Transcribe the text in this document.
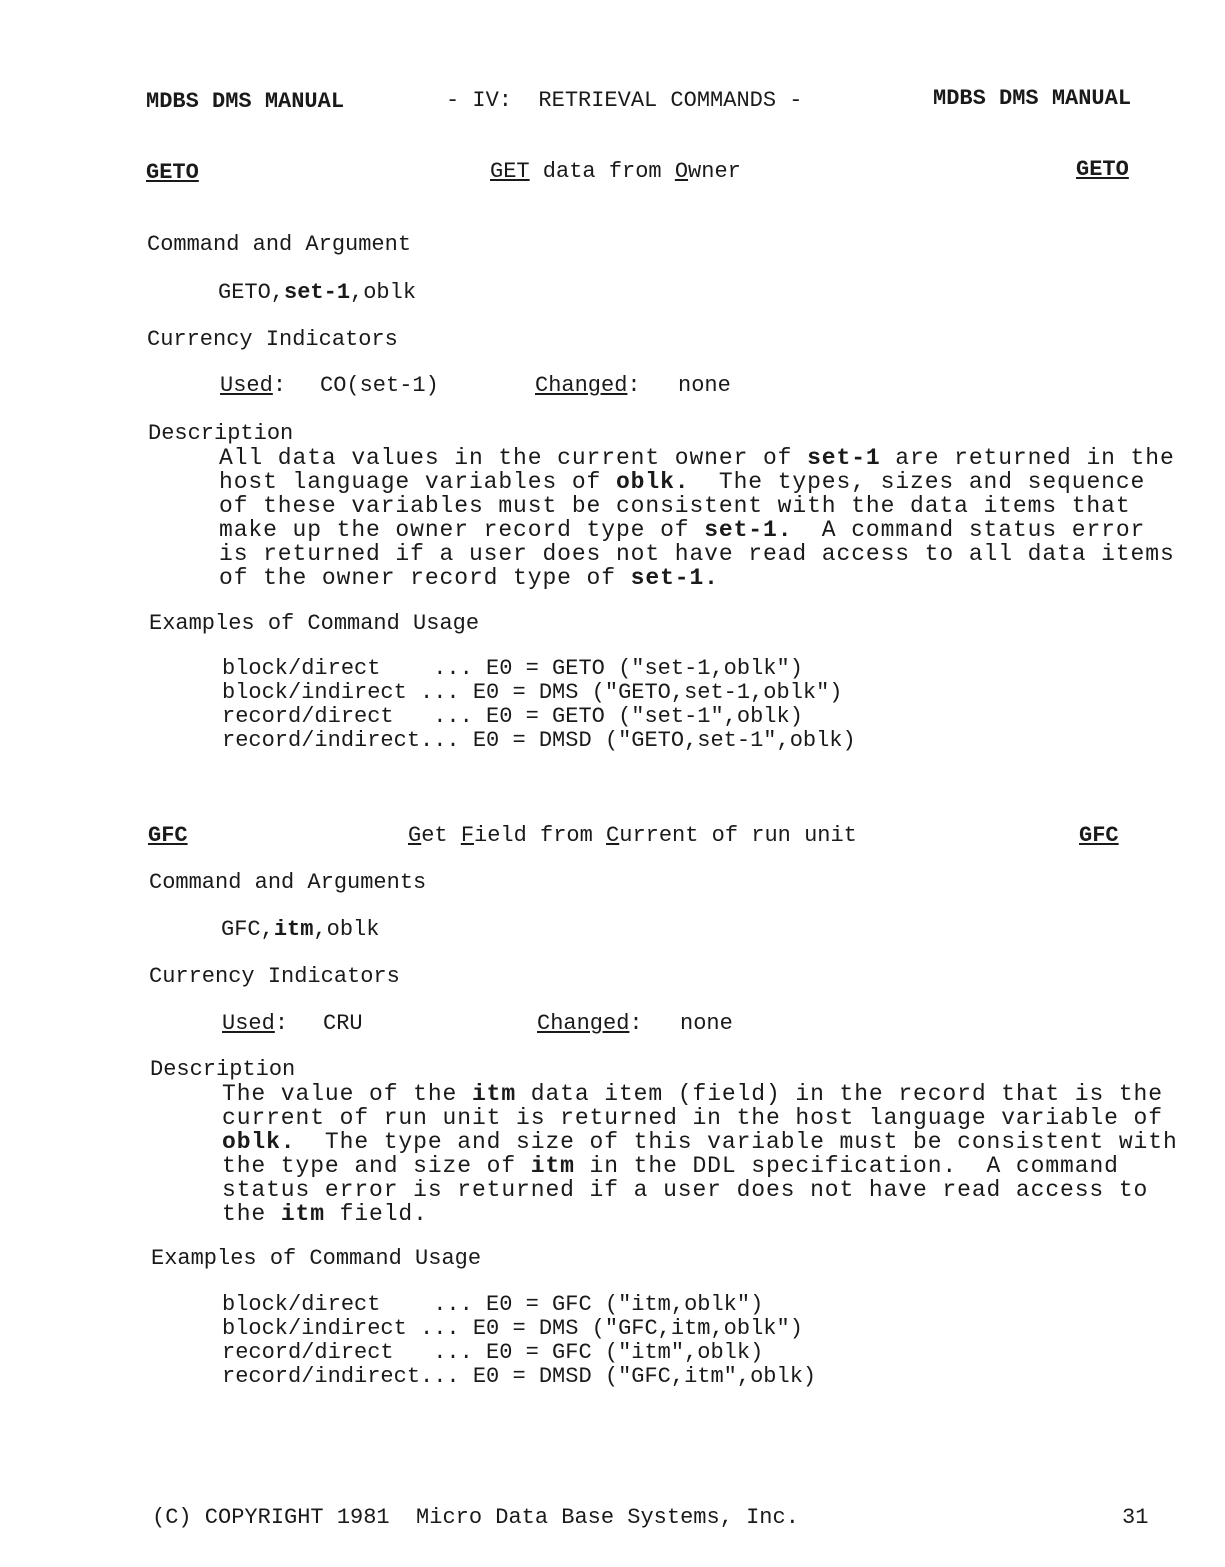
MDBS DMS MANUAL	- IV:  RETRIEVAL COMMANDS -	MDBS DMS MANUAL
GETO	GET data from Owner	GETO
Command and Argument
GETO,set-1,oblk
Currency Indicators
Used: CO(set-1)	Changed: none
Description
All data values in the current owner of set-1 are returned in the
host language variables of oblk.  The types, sizes and sequence
of these variables must be consistent with the data items that
make up the owner record type of set-1.  A command status error
is returned if a user does not have read access to all data items
of the owner record type of set-1.
Examples of Command Usage
block/direct    ... E0 = GETO ("set-1,oblk")
block/indirect ... E0 = DMS ("GETO,set-1,oblk")
record/direct   ... E0 = GETO ("set-1",oblk)
record/indirect... E0 = DMSD ("GETO,set-1",oblk)
GFC	Get Field from Current of run unit	GFC
Command and Arguments
GFC,itm,oblk
Currency Indicators
Used: CRU	Changed: none
Description
The value of the itm data item (field) in the record that is the
current of run unit is returned in the host language variable of
oblk.  The type and size of this variable must be consistent with
the type and size of itm in the DDL specification.  A command
status error is returned if a user does not have read access to
the itm field.
Examples of Command Usage
block/direct    ... E0 = GFC ("itm,oblk")
block/indirect ... E0 = DMS ("GFC,itm,oblk")
record/direct   ... E0 = GFC ("itm",oblk)
record/indirect... E0 = DMSD ("GFC,itm",oblk)
(C) COPYRIGHT 1981  Micro Data Base Systems, Inc.	31
